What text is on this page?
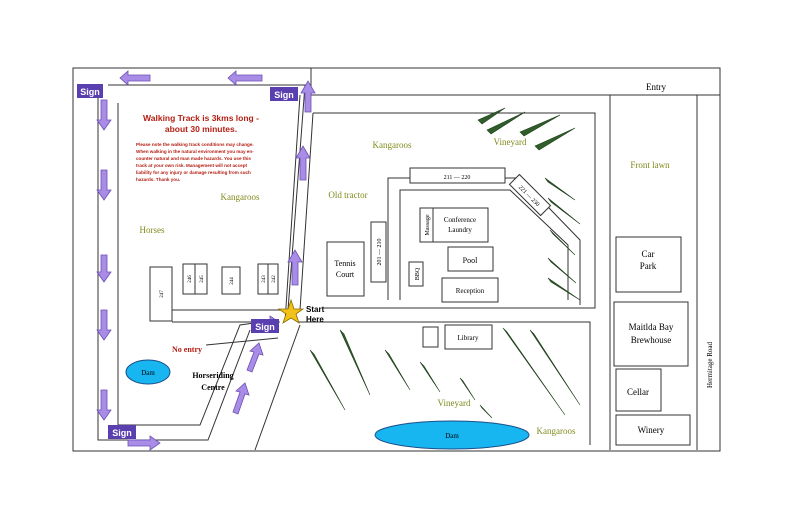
211 — 220
221 — 230
201 — 210
Massage Conference
Laundry
BBQ
Pool
Reception
Tennis
Court
Library
247
246 245	244	243 242
Car
Park
Maitlda Bay
Brewhouse
Cellar
Winery
Entry
Front lawn
Hermitage Road
Kangaroos	Vineyard
Old tractor
Kangaroos
Horses
Vineyard
Kangaroos
Dam
Dam
No entry
Horseriding
Centre
Sign	Sign
Sign
Sign
Start
Here
Walking Track is 3kms long -
about 30 minutes.
Please note the walking track conditions may change.
When walking in the natural environment you may en-
counter natural and man made hazards. You use this
track at your own risk. Management will not accept
liability for any injury or damage resulting from such
hazards. Thank you.
